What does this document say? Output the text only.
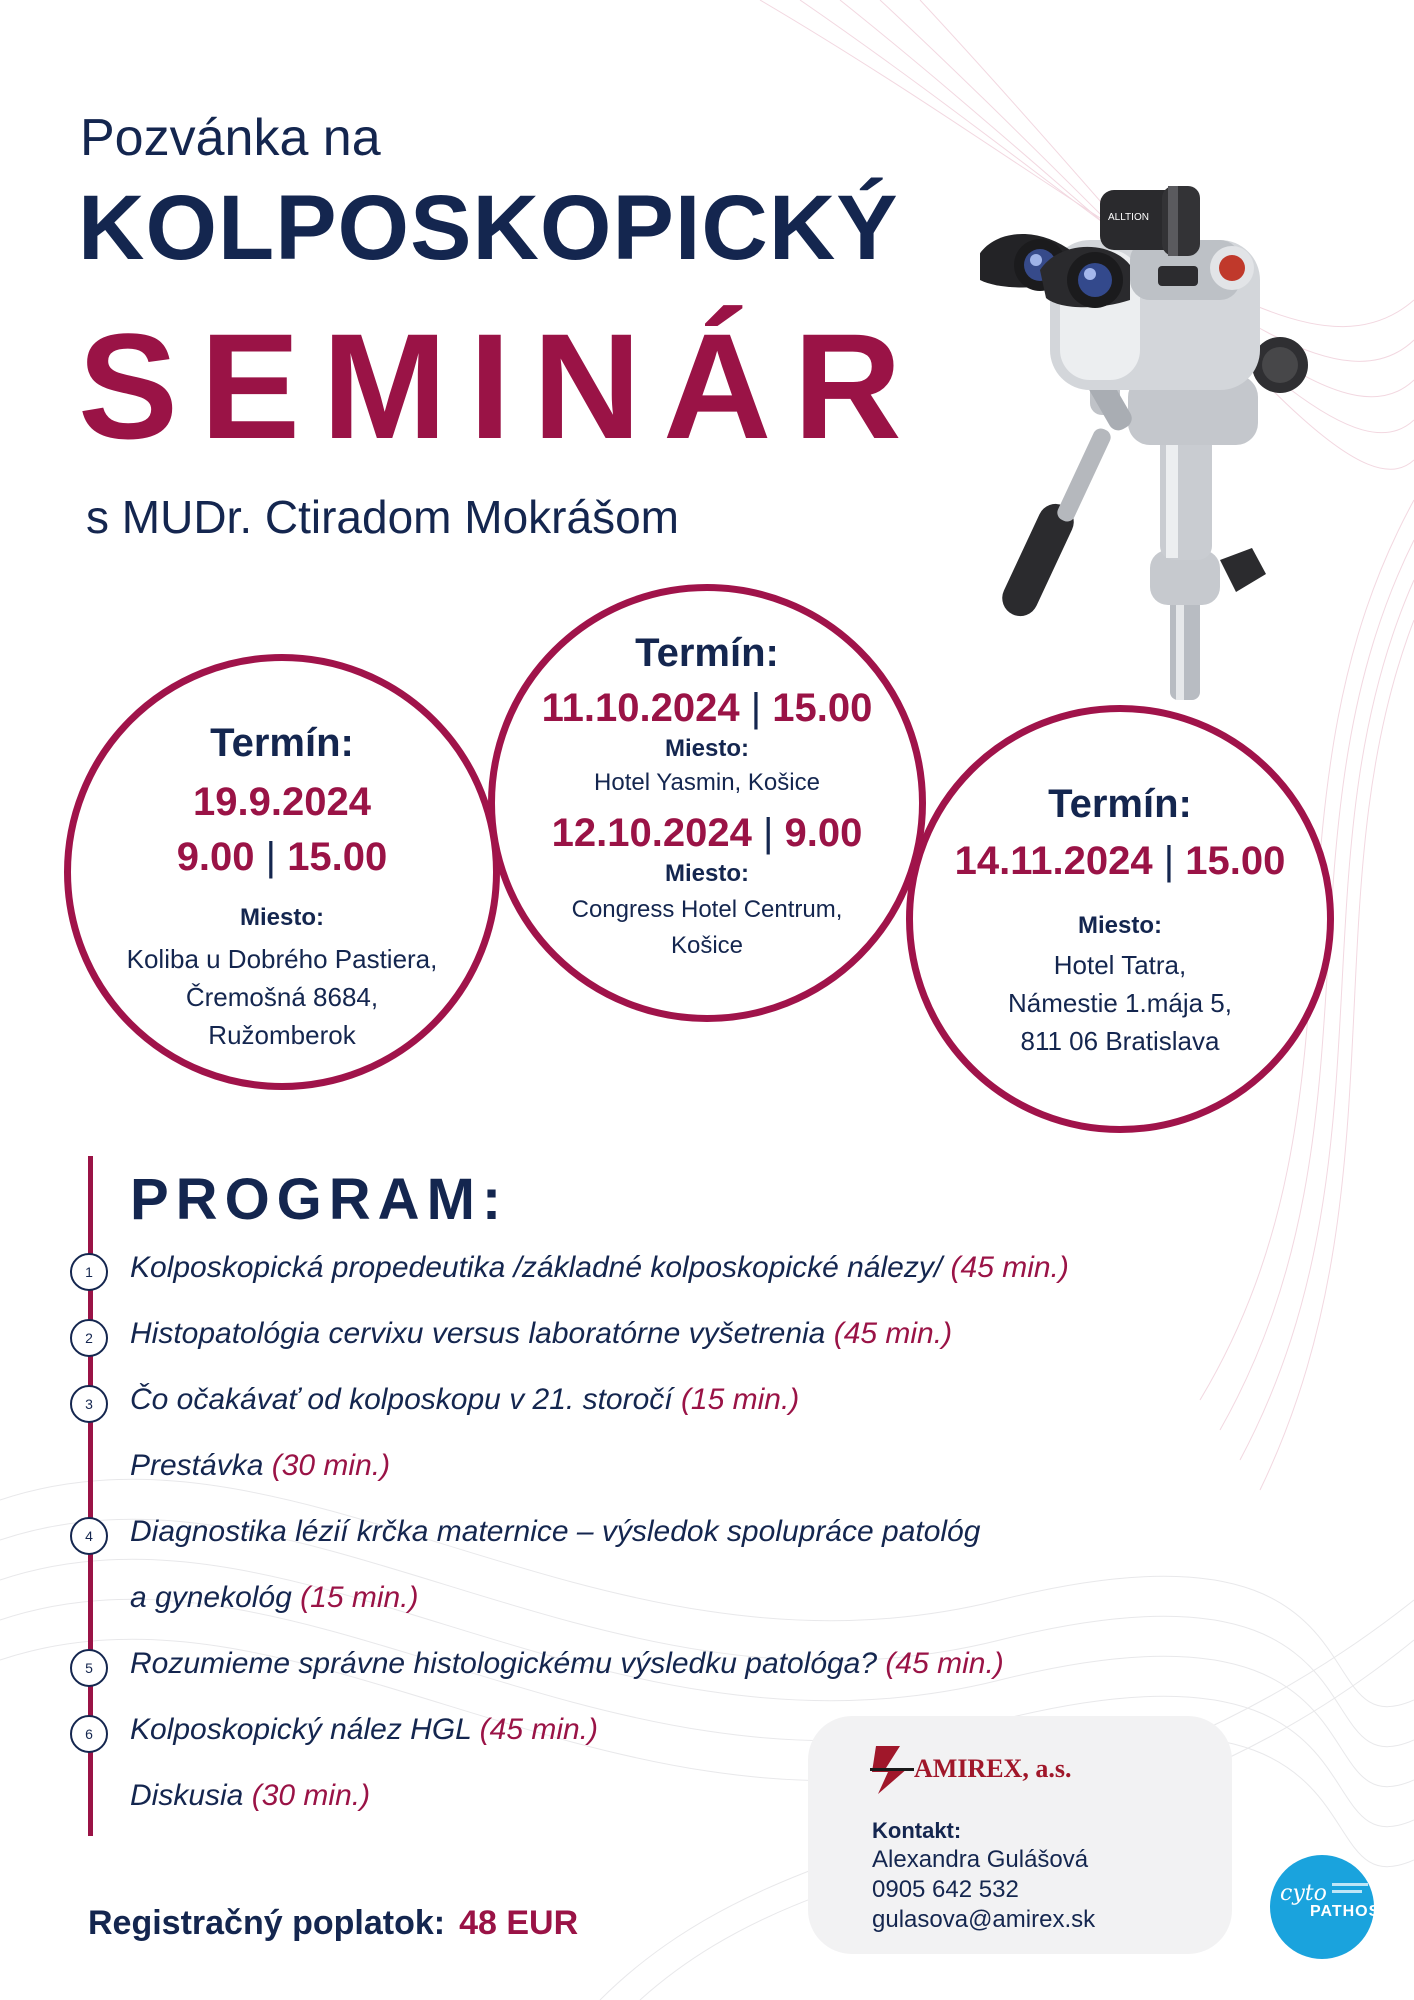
ALLTION
Pozvánka na
KOLPOSKOPICKÝ
SEMINÁR
s MUDr. Ctiradom Mokrášom
Termín:
19.9.2024
9.00 | 15.00
Miesto:
Koliba u Dobrého Pastiera,
Čremošná 8684,
Ružomberok
Termín:
11.10.2024 | 15.00
Miesto:
Hotel Yasmin, Košice
12.10.2024 | 9.00
Miesto:
Congress Hotel Centrum,
Košice
Termín:
14.11.2024 | 15.00
Miesto:
Hotel Tatra,
Námestie 1.mája 5,
811 06 Bratislava
PROGRAM:
1	Kolposkopická propedeutika /základné kolposkopické nálezy/ (45 min.)
2	Histopatológia cervixu versus laboratórne vyšetrenia (45 min.)
3	Čo očakávať od kolposkopu v 21. storočí (15 min.)
Prestávka (30 min.)
4	Diagnostika lézií krčka maternice – výsledok spolupráce patológ
a gynekológ (15 min.)
5	Rozumieme správne histologickému výsledku patológa? (45 min.)
6	Kolposkopický nález HGL (45 min.)
Diskusia (30 min.)
Registračný poplatok: 48 EUR
AMIREX, a.s.
Kontakt:
Alexandra Gulášová
0905 642 532
gulasova@amirex.sk
cyto
PATHOS
